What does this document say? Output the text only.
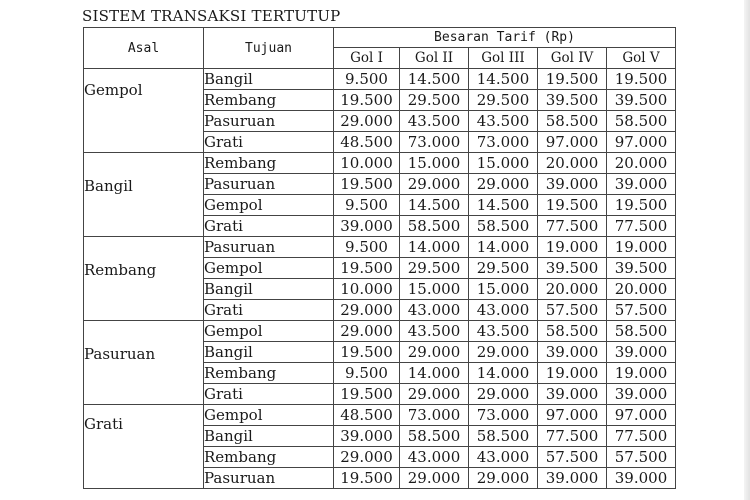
SISTEM TRANSAKSI TERTUTUP
Asal	Tujuan	Besaran Tarif (Rp)				
		Gol I	Gol II	Gol III	Gol IV	Gol V
Gempol	Bangil	9.500	14.500	14.500	19.500	19.500
	Rembang	19.500	29.500	29.500	39.500	39.500
	Pasuruan	29.000	43.500	43.500	58.500	58.500
	Grati	48.500	73.000	73.000	97.000	97.000
Bangil	Rembang	10.000	15.000	15.000	20.000	20.000
	Pasuruan	19.500	29.000	29.000	39.000	39.000
	Gempol	9.500	14.500	14.500	19.500	19.500
	Grati	39.000	58.500	58.500	77.500	77.500
Rembang	Pasuruan	9.500	14.000	14.000	19.000	19.000
	Gempol	19.500	29.500	29.500	39.500	39.500
	Bangil	10.000	15.000	15.000	20.000	20.000
	Grati	29.000	43.000	43.000	57.500	57.500
Pasuruan	Gempol	29.000	43.500	43.500	58.500	58.500
	Bangil	19.500	29.000	29.000	39.000	39.000
	Rembang	9.500	14.000	14.000	19.000	19.000
	Grati	19.500	29.000	29.000	39.000	39.000
Grati	Gempol	48.500	73.000	73.000	97.000	97.000
	Bangil	39.000	58.500	58.500	77.500	77.500
	Rembang	29.000	43.000	43.000	57.500	57.500
	Pasuruan	19.500	29.000	29.000	39.000	39.000
